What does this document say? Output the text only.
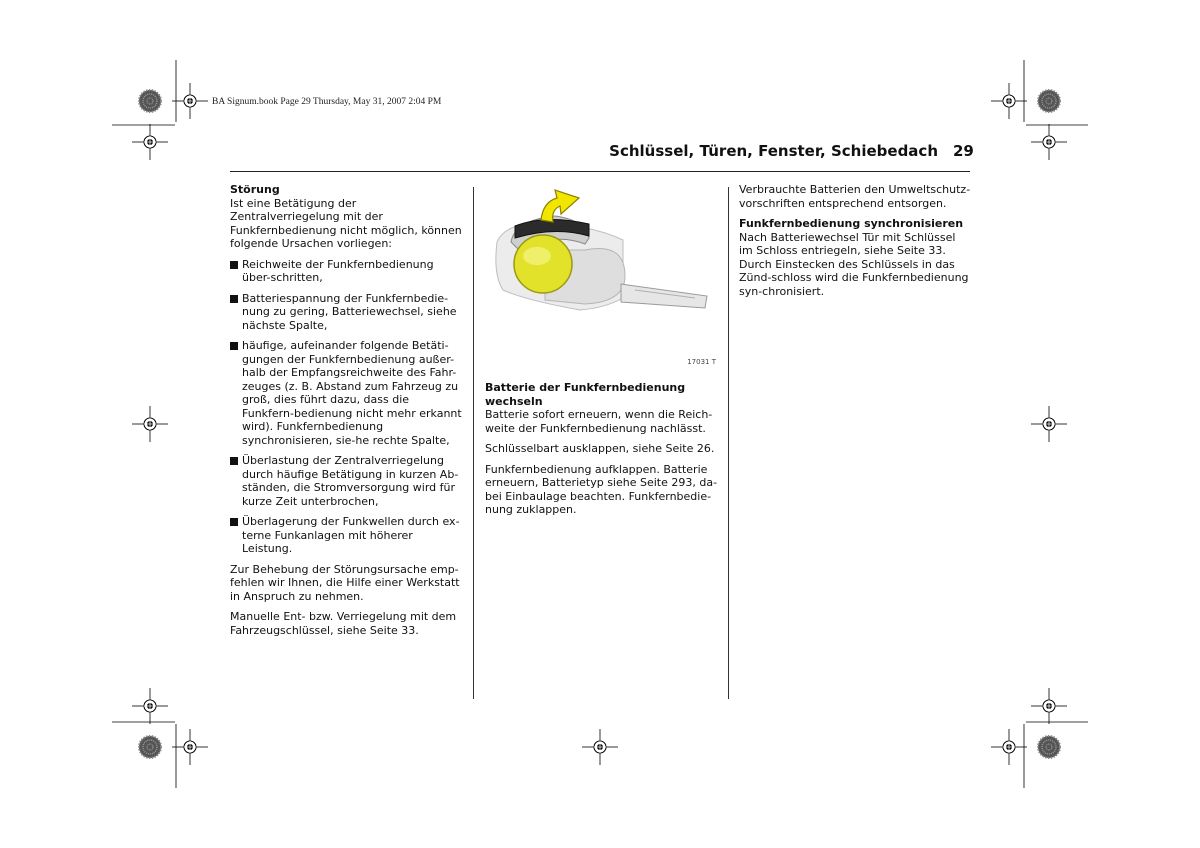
BA Signum.book Page 29 Thursday, May 31, 2007 2:04 PM
Schlüssel, Türen, Fenster, Schiebedach 29

Störung

Ist eine Betätigung der Zentralverriegelung mit der Funkfernbedienung nicht möglich, können folgende Ursachen vorliegen:

Reichweite der Funkfernbedienung über-schritten,
Batteriespannung der Funkfernbedie-nung zu gering, Batteriewechsel, siehe nächste Spalte,
häufige, aufeinander folgende Betäti-gungen der Funkfernbedienung außer-halb der Empfangsreichweite des Fahr-zeuges (z. B. Abstand zum Fahrzeug zu groß, dies führt dazu, dass die Funkfern-bedienung nicht mehr erkannt wird). Funkfernbedienung synchronisieren, sie-he rechte Spalte,
Überlastung der Zentralverriegelung durch häufige Betätigung in kurzen Ab-ständen, die Stromversorgung wird für kurze Zeit unterbrochen,
Überlagerung der Funkwellen durch ex-terne Funkanlagen mit höherer Leistung.

Zur Behebung der Störungsursache emp-fehlen wir Ihnen, die Hilfe einer Werkstatt in Anspruch zu nehmen.

Manuelle Ent- bzw. Verriegelung mit dem Fahrzeugschlüssel, siehe Seite 33.

17031 T

Batterie der Funkfernbedienung wechseln

Batterie sofort erneuern, wenn die Reich-weite der Funkfernbedienung nachlässt.

Schlüsselbart ausklappen, siehe Seite 26.

Funkfernbedienung aufklappen. Batterie erneuern, Batterietyp siehe Seite 293, da-bei Einbaulage beachten. Funkfernbedie-nung zuklappen.

Verbrauchte Batterien den Umweltschutz-vorschriften entsprechend entsorgen.

Funkfernbedienung synchronisieren

Nach Batteriewechsel Tür mit Schlüssel im Schloss entriegeln, siehe Seite 33. Durch Einstecken des Schlüssels in das Zünd-schloss wird die Funkfernbedienung syn-chronisiert.
